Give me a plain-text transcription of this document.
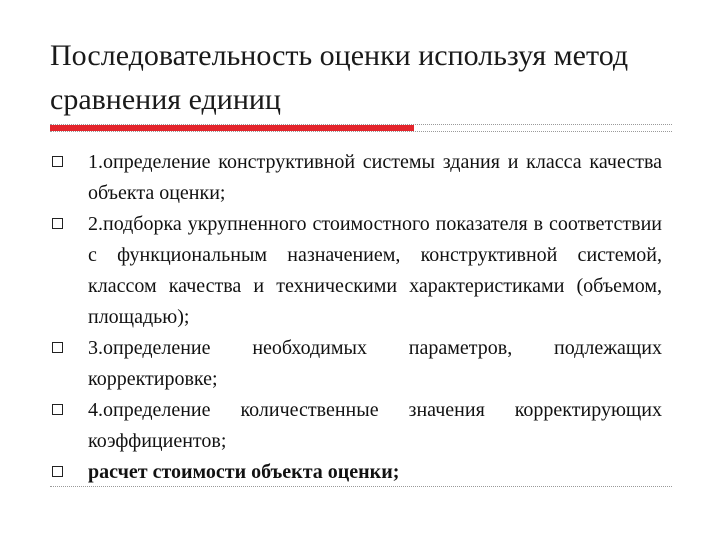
Последовательность оценки используя метод сравнения единиц
1.определение конструктивной системы здания и класса качества объекта оценки;
2.подборка укрупненного стоимостного показателя в соответствии с функциональным назначением, конструктивной системой, классом качества и техническими характеристиками (объемом, площадью);
3.определение необходимых параметров, подлежащих корректировке;
4.определение количественные значения корректирующих коэффициентов;
расчет стоимости объекта оценки;
